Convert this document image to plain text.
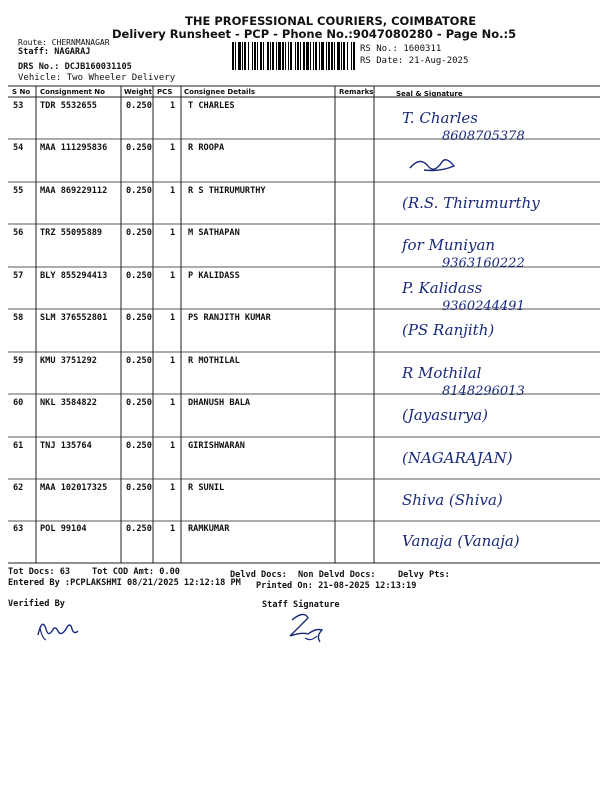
THE PROFESSIONAL COURIERS, COIMBATORE
Delivery Runsheet - PCP - Phone No.:9047080280 - Page No.:5
Route: CHERNMANAGAR
Staff: NAGARAJ
DRS No.: DCJB160031105
Vehicle: Two Wheeler Delivery
RS No.: 1600311
RS Date: 21-Aug-2025
S No Consignment No	Weight PCS Consignee Details	Remarks	Seal & Signature
53 TDR 5532655	0.250 1 T CHARLES
T. Charles
8608705378
54 MAA 111295836 0.250 1 R ROOPA
55 MAA 869229112 0.250 1 R S THIRUMURTHY
(R.S. Thirumurthy
56 TRZ 55095889	0.250 1 M SATHAPAN
for Muniyan
9363160222
57 BLY 855294413 0.250 1 P KALIDASS
P. Kalidass
9360244491
58 SLM 376552801 0.250 1 PS RANJITH KUMAR
(PS Ranjith)
59 KMU 3751292	0.250 1 R MOTHILAL
R Mothilal
8148296013
60 NKL 3584822	0.250 1 DHANUSH BALA
(Jayasurya)
61 TNJ 135764	0.250 1 GIRISHWARAN
(NAGARAJAN)
62 MAA 102017325 0.250 1 R SUNIL
Shiva (Shiva)
63 POL 99104	0.250 1 RAMKUMAR
Vanaja (Vanaja)
Tot Docs: 63	Tot COD Amt: 0.00	Delvd Docs: Non Delvd Docs:	Delvy Pts:
Entered By :PCPLAKSHMI 08/21/2025 12:12:18 PM Printed On: 21-08-2025 12:13:19
Verified By	Staff Signature
